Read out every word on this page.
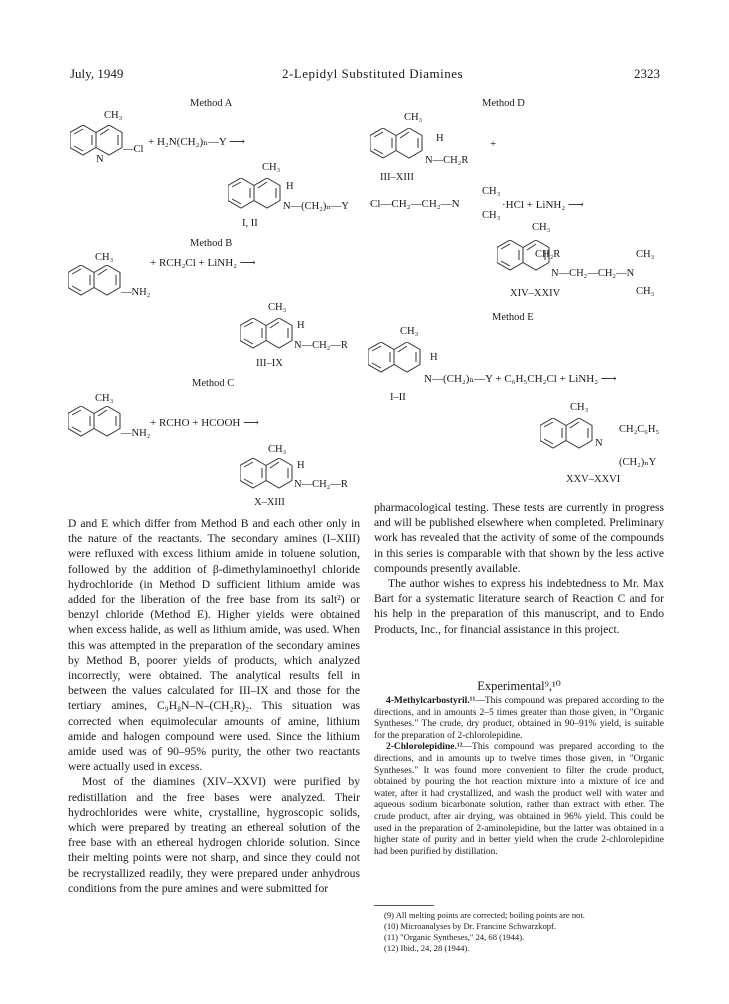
July, 1949	2-Lepidyl Substituted Diamines	2323
Method A
CH₃
N
—Cl
+ H₂N(CH₂)ₙ—Y ⟶
CH₃
H
N—(CH₂)ₙ—Y
I, II
Method B
CH₃
—NH₂
+ RCH₂Cl + LiNH₂ ⟶
CH₃
H
N—CH₂—R
III–IX
Method C
CH₃
—NH₂
+ RCHO + HCOOH ⟶
CH₃
H
N—CH₂—R
X–XIII
Method D
CH₃
H
N—CH₂R
+
III–XIII
CH₃
Cl—CH₂—CH₂—N	·HCl + LiNH₂ ⟶
CH₃
CH₃
CH₂R	CH₃
N—CH₂—CH₂—N
CH₃
XIV–XXIV
Method E
CH₃
H
N—(CH₂)ₙ—Y + C₆H₅CH₂Cl + LiNH₂ ⟶
I–II
CH₃
N
CH₂C₆H₅
(CH₂)ₙY
XXV–XXVI

D and E which differ from Method B and each other only in the nature of the reactants. The secondary amines (I–XIII) were refluxed with excess lithium amide in toluene solution, followed by the addition of β-dimethylaminoethyl chloride hydrochloride (in Method D sufficient lithium amide was added for the liberation of the free base from its salt²) or benzyl chloride (Method E). Higher yields were obtained when excess halide, as well as lithium amide, was used. When this was attempted in the preparation of the secondary amines by Method B, poorer yields of products, which analyzed incorrectly, were obtained. The analytical results fell in between the values calculated for III–IX and those for the tertiary amines, C₉H₈N–N–(CH₂R)₂. This situation was corrected when equimolecular amounts of amine, lithium amide and halogen compound were used. Since the lithium amide used was of 90–95% purity, the other two reactants were actually used in excess.

Most of the diamines (XIV–XXVI) were purified by redistillation and the free bases were analyzed. Their hydrochlorides were white, crystalline, hygroscopic solids, which were prepared by treating an ethereal solution of the free base with an ethereal hydrogen chloride solution. Since their melting points were not sharp, and since they could not be recrystallized readily, they were prepared under anhydrous conditions from the pure amines and were submitted for

pharmacological testing. These tests are currently in progress and will be published elsewhere when completed. Preliminary work has revealed that the activity of some of the compounds in this series is comparable with that shown by the less active compounds presently available.

The author wishes to express his indebtedness to Mr. Max Bart for a systematic literature search of Reaction C and for his help in the preparation of this manuscript, and to Endo Products, Inc., for financial assistance in this project.

Experimental⁹,¹⁰

4-Methylcarbostyril.¹¹—This compound was prepared according to the directions, and in amounts 2–5 times greater than those given, in "Organic Syntheses." The crude, dry product, obtained in 90–91% yield, is suitable for the preparation of 2-chlorolepidine.

2-Chlorolepidine.¹²—This compound was prepared according to the directions, and in amounts up to twelve times those given, in "Organic Syntheses." It was found more convenient to filter the crude product, obtained by pouring the hot reaction mixture into a mixture of ice and water, after it had crystallized, and wash the product well with water and aqueous sodium bicarbonate solution, rather than extract with ether. The crude product, after air drying, was obtained in 96% yield. This could be used in the preparation of 2-aminolepidine, but the latter was obtained in a higher state of purity and in better yield when the crude 2-chlorolepidine had been purified by distillation.

(9) All melting points are corrected; boiling points are not.
(10) Microanalyses by Dr. Francine Schwarzkopf.
(11) "Organic Syntheses," 24, 68 (1944).
(12) Ibid., 24, 28 (1944).
